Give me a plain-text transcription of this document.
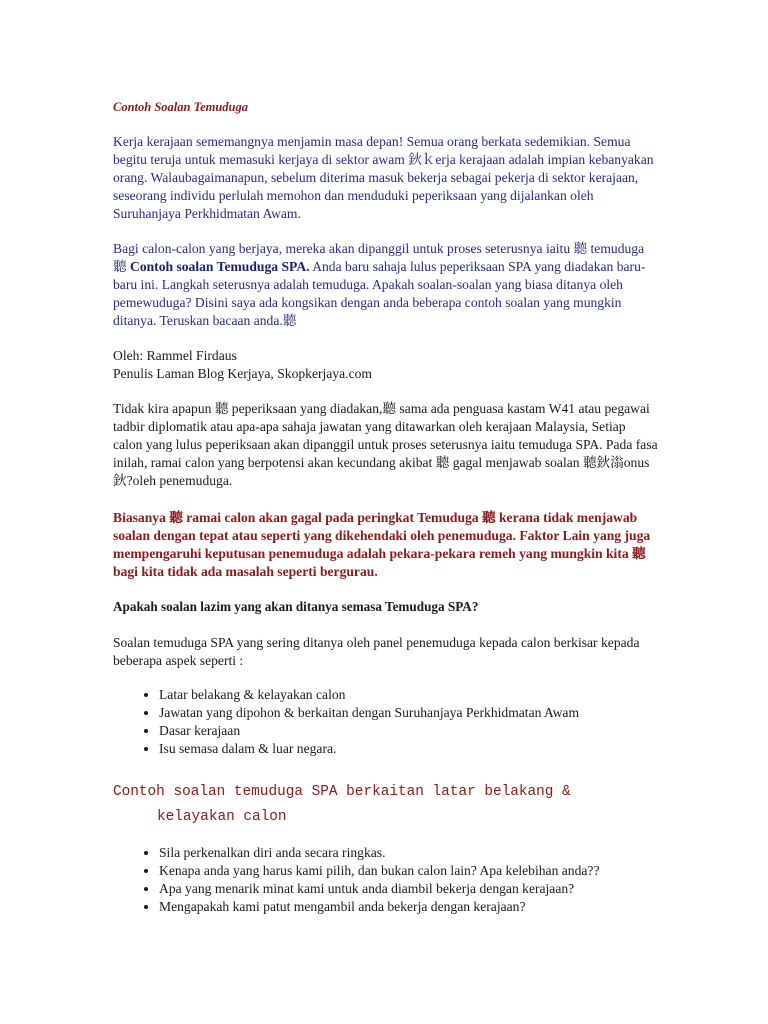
Contoh Soalan Temuduga

Kerja kerajaan sememangnya menjamin masa depan! Semua orang berkata sedemikian. Semua begitu teruja untuk memasuki kerjaya di sektor awam 鈥ｋerja kerajaan adalah impian kebanyakan orang. Walaubagaimanapun, sebelum diterima masuk bekerja sebagai pekerja di sektor kerajaan, seseorang individu perlulah memohon dan menduduki peperiksaan yang dijalankan oleh Suruhanjaya Perkhidmatan Awam.

Bagi calon-calon yang berjaya, mereka akan dipanggil untuk proses seterusnya iaitu 聽 temuduga 聽 Contoh soalan Temuduga SPA. Anda baru sahaja lulus peperiksaan SPA yang diadakan baru-baru ini. Langkah seterusnya adalah temuduga. Apakah soalan-soalan yang biasa ditanya oleh pemewuduga? Disini saya ada kongsikan dengan anda beberapa contoh soalan yang mungkin ditanya. Teruskan bacaan anda.聽

Oleh: Rammel Firdaus

Penulis Laman Blog Kerjaya, Skopkerjaya.com

Tidak kira apapun 聽 peperiksaan yang diadakan,聽 sama ada penguasa kastam W41 atau pegawai tadbir diplomatik atau apa-apa sahaja jawatan yang ditawarkan oleh kerajaan Malaysia, Setiap calon yang lulus peperiksaan akan dipanggil untuk proses seterusnya iaitu temuduga SPA. Pada fasa inilah, ramai calon yang berpotensi akan kecundang akibat 聽 gagal menjawab soalan 聽鈥滃onus 鈥?oleh penemuduga.

Biasanya 聽 ramai calon akan gagal pada peringkat Temuduga 聽 kerana tidak menjawab soalan dengan tepat atau seperti yang dikehendaki oleh penemuduga. Faktor Lain yang juga mempengaruhi keputusan penemuduga adalah pekara-pekara remeh yang mungkin kita 聽 bagi kita tidak ada masalah seperti bergurau.

Apakah soalan lazim yang akan ditanya semasa Temuduga SPA?

Soalan temuduga SPA yang sering ditanya oleh panel penemuduga kepada calon berkisar kepada beberapa aspek seperti :

• Latar belakang & kelayakan calon
• Jawatan yang dipohon & berkaitan dengan Suruhanjaya Perkhidmatan Awam
• Dasar kerajaan
• Isu semasa dalam & luar negara.
Contoh soalan temuduga SPA berkaitan latar belakang &
kelayakan calon
• Sila perkenalkan diri anda secara ringkas.
• Kenapa anda yang harus kami pilih, dan bukan calon lain? Apa kelebihan anda??
• Apa yang menarik minat kami untuk anda diambil bekerja dengan kerajaan?
• Mengapakah kami patut mengambil anda bekerja dengan kerajaan?
